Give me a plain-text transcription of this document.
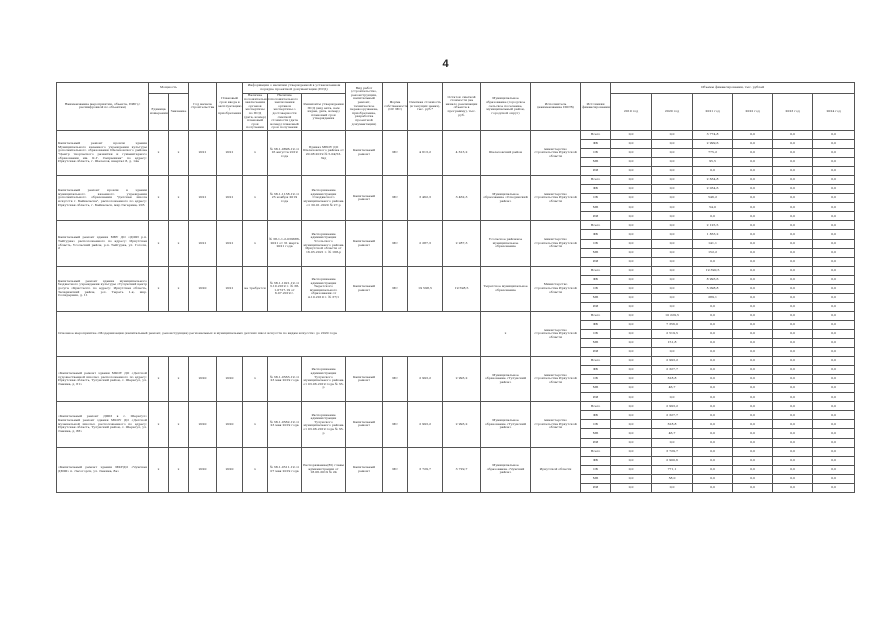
4
Наименование мероприятия, объекта, ПИР (с расшифровкой по объектам)	Мощность		Год начала строительства	Плановый срок ввода в эксплуатацию /приобретения	Информация о наличии утвержденной в установленном порядке проектной документации (ПСД)			Вид работ (строительство, реконструкция, капитальный ремонт, техническое перевооружение, приобретение, разработка проектной документации)	Форма собственности (ОС МС)	Сметная стоимость (в текущих ценах), тыс. руб.*	Остаток сметной стоимости (на начало реализации объекта в программу), тыс. руб.	Муниципальное образование (городское сельское поселение, муниципальный район, городской округ)	Исполнитель (наименование ИОГВ)	Источники финансирования	Объемы финансирования, тыс. рублей					
	Единица измерения	Значение			Наличие положительного заключения органов экспертизы по ПСД (дата, номер) плановый срок получения	Наличие положительного заключения органов экспертизы о достоверности сметной стоимости (дата номер) плановый срок получения	Реквизиты утверждения ПСД (вид акта, кем издан, дата, номер) плановый срок утверждения								2019 год	2020 год	2021 год	2022 год	2023 год	2024 год

Капитальный ремонт кровли здания Муниципального казенного учреждения культуры дополнительного образования Шелеховского района "Центр творческого развития и гуманитарного образования им. К.Г. Сапрыкина" по адресу: Иркутская область, г. Шелехов, квартал 8, д. 14а	х	х	2021	2021	х	№ 38-1-0896-19 от 16 августа 2019 года	Приказ МБОУ ДО Шелеховского района от 20.08.2019 № 5-04/53-3хд	Капитальный ремонт	МС	4 613,2	4 613,2	Шелеховский район	министерство строительства Иркутской области	Всего	0,0	0,0	3 774,8	0,0	0,0	0,0
														ФБ	0,0	0,0	2 999,6	0,0	0,0	0,0
														ОБ	0,0	0,0	775,2	0,0	0,0	0,0
														МБ	0,0	0,0	95,5	0,0	0,0	0,0
														ИИ	0,0	0,0	0,0	0,0	0,0	0,0
Капитальный ремонт кровли в здании муниципального казенного учреждения дополнительного образования "Детская школа искусств г. Байкальска", расположенного по адресу: Иркутская область, г. Байкальск, мкр Гагарина, 205	х	х	2021	2021	х	№ 38-1-1138-19 от 25 ноября 2019 года	Распоряжение администрации Слюдянского муниципального района от 30.01.2020 № 27-р	Капитальный ремонт	МС	3 462,3	3 462,3	Муниципальное образование «Слюдянский район»	министерство строительства Иркутской области	Всего	0,0	0,0	2 634,8	0,0	0,0	0,0
														ФБ	0,0	0,0	2 034,6	0,0	0,0	0,0
														ОБ	0,0	0,0	546,2	0,0	0,0	0,0
														МБ	0,0	0,0	54,0	0,0	0,0	0,0
														ИИ	0,0	0,0	0,0	0,0	0,0	0,0
Капитальный ремонт здания МБУ ДО «ДШИ р.п. Тайтурка» расположенного по адресу: Иркутская область, Усольский район, р.п. Тайтурка, ул. Гоголя, 2	х	х	2021	2021	х	№ 38-1-1-2-039686-2021 от 31 марта 2021 года	Распоряжение администрации Усольского муниципального района Иркутской области от 16.05.2021 г. № 168-р	Капитальный ремонт	МС	2 287,3	2 287,3	Усольское районное муниципальное образование	министерство строительства Иркутской области	Всего	0,0	0,0	2 125,5	0,0	0,0	0,0
														ФБ	0,0	0,0	1 833,2	0,0	0,0	0,0
														ОБ	0,0	0,0	141,1	0,0	0,0	0,0
														МБ	0,0	0,0	152,2	0,0	0,0	0,0
														ИИ	0,0	0,0	0,0	0,0	0,0	0,0
Капитальный ремонт здания муниципального бюджетного учреждения культуры «Тулунский центр досуга «Кристалл» по адресу: Иркутская область, Заларинский район, р.п. Тыреть 1-я, мкр. Солидарник, д. 11	х	х	2020	2021	не требуется	№ 38-1-1021-19 от 3.10.2019 г. № 38-1-0727-19 от 6.07.2019 г.	Распоряжение администрации Тыретского муниципального образования от 4.10.2019 г. № 37/1	Капитальный ремонт	МС	19 598,5	19 598,5	Тыретское муниципальное образование	Министерство строительства Иркутской области	Всего	0,0	0,0	19 390,5	0,0	0,0	0,0
														ФБ	0,0	0,0	8 993,6	0,0	0,0	0,0
														ОБ	0,0	0,0	5 098,8	0,0	0,0	0,0
														МБ	0,0	0,0	289,1	0,0	0,0	0,0
														ИИ	0,0	0,0	0,0	0,0	0,0	0,0
Основное мероприятие «Модернизация (капитальный ремонт, реконструкция) региональных и муниципальных детских школ искусств по видам искусств» до 2020 года												х	министерство строительства Иркутской области	Всего	0,0	10 229,5	0,0	0,0	0,0	0,0
														ФБ	0,0	7 356,0	0,0	0,0	0,0	0,0
														ОБ	0,0	2 519,5	0,0	0,0	0,0	0,0
														МБ	0,0	151,8	0,0	0,0	0,0	0,0
														ИИ	0,0	0,0	0,0	0,0	0,0	0,0
«Капитальный ремонт здания МКОУ ДО «Детской художественной школы» расположенного по адресу: Иркутская область, Тулунский район, с. Шерагул, ул. Ленина, д. 61»	х	х	2020	2020	х	№ 38-1-0563-19 от 23 мая 2019 года	Распоряжение администрации Тулунского муниципального района от 03.06.2019 года № 33-р	Капитальный ремонт	МС	2 993,2	2 993,2	Муниципальное образование «Тулунский район»	министерство строительства Иркутской области	Всего	0,0	2 993,2	0,0	0,0	0,0	0,0
														ФБ	0,0	2 327,7	0,0	0,0	0,0	0,0
														ОБ	0,0	618,8	0,0	0,0	0,0	0,0
														МБ	0,0	46,7	0,0	0,0	0,0	0,0
														ИИ	0,0	0,0	0,0	0,0	0,0	0,0
«Капитальный ремонт ДШИ в с. Шерагул» Капитальный ремонт здания МКОУ ДО «Детской музыкальной школы» расположенного по адресу: Иркутская область, Тулунский район, с. Шерагул, ул. Ленина, д. 88»	х	х	2020	2020	х	№ 38-1-0562-19 от 23 мая 2019 года	Распоряжение администрации Тулунского муниципального района от 03.06.2019 года № 33-р	Капитальный ремонт	МС	2 993,2	2 993,2	Муниципальное образование «Тулунский район»	министерство строительства Иркутской области	Всего	0,0	2 993,2	0,0	0,0	0,0	0,0
														ФБ	0,0	2 327,7	0,0	0,0	0,0	0,0
														ОБ	0,0	618,8	0,0	0,0	0,0	0,0
														МБ	0,0	46,7	0,0	0,0	0,0	0,0
														ИИ	0,0	0,0	0,0	0,0	0,0	0,0
«Капитальный ремонт здания МКУДО «Чунская ДМШ» п. Лесогорск, ул. Ленина, 8а»	х	х	2020	2020	х	№ 38-1-0511-19 от 07 мая 2019 года	Распоряжение(Ю) главы администрации от 18.06.2019 № 24	Капитальный ремонт	МС	3 729,7	3 729,7	Муниципальное образование «Чунский район»	Иркутской области	Всего	0,0	3 729,7	0,0	0,0	0,0	0,0
														ФБ	0,0	2 900,6	0,0	0,0	0,0	0,0
														ОБ	0,0	771,1	0,0	0,0	0,0	0,0
														МБ	0,0	58,0	0,0	0,0	0,0	0,0
														ИИ	0,0	0,0	0,0	0,0	0,0	0,0
